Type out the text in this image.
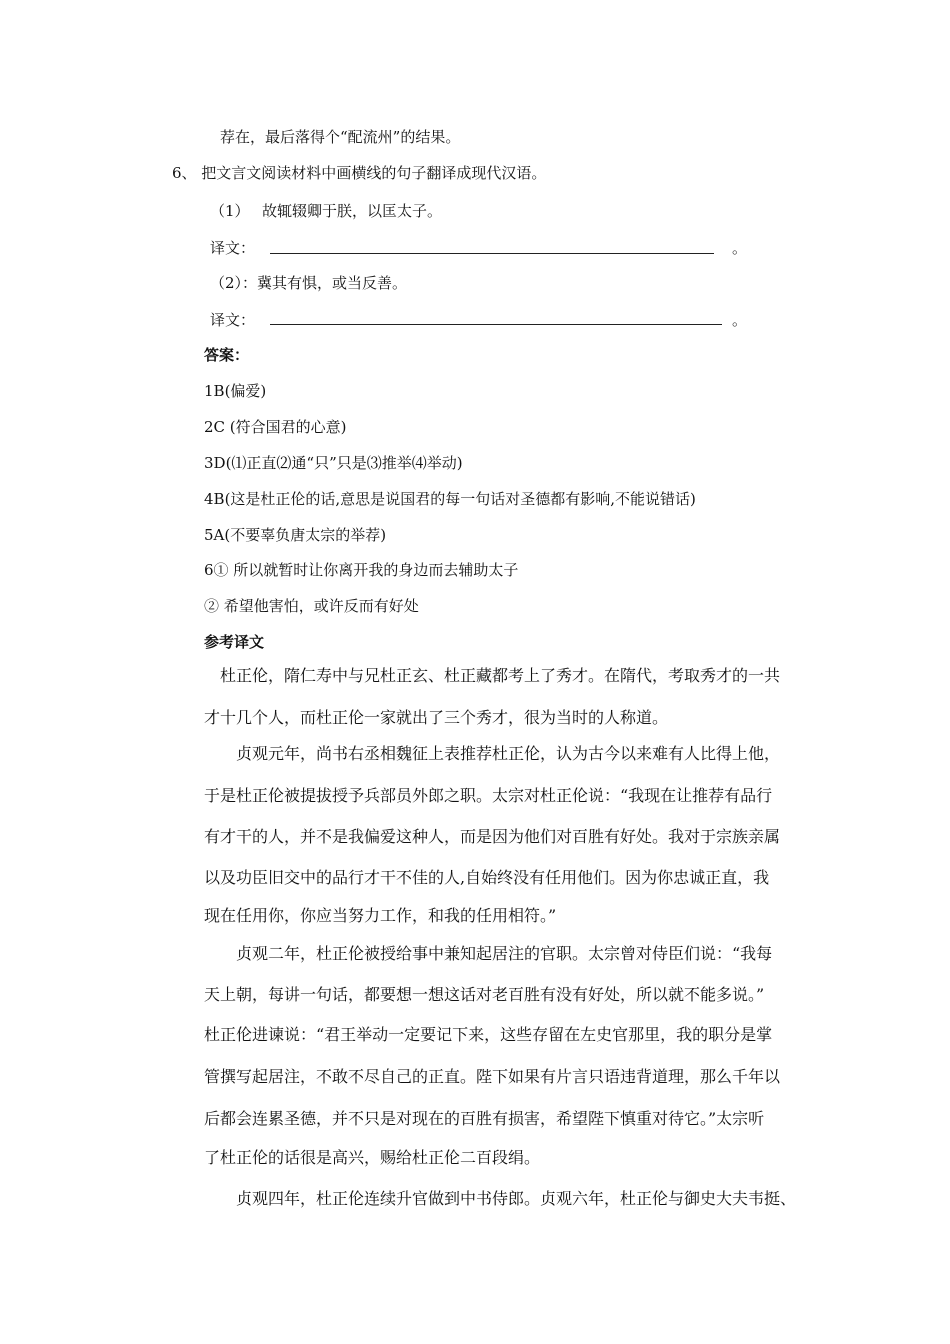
荐在，最后落得个“配流州”的结果。
6、 把文言文阅读材料中画横线的句子翻译成现代汉语。
（1） 故辄辍卿于朕，以匡太子。
译文：	。
（2）：冀其有惧，或当反善。
译文：	。
答案：
1B(偏爱)
2C (符合国君的心意)
3D(⑴正直⑵通“只”只是⑶推举⑷举动)
4B(这是杜正伦的话,意思是说国君的每一句话对圣德都有影响,不能说错话)
5A(不要辜负唐太宗的举荐)
6① 所以就暂时让你离开我的身边而去辅助太子
② 希望他害怕，或许反而有好处
参考译文
杜正伦，隋仁寿中与兄杜正玄、杜正藏都考上了秀才。在隋代，考取秀才的一共
才十几个人，而杜正伦一家就出了三个秀才，很为当时的人称道。
贞观元年，尚书右丞相魏征上表推荐杜正伦，认为古今以来难有人比得上他，
于是杜正伦被提拔授予兵部员外郎之职。太宗对杜正伦说：“我现在让推荐有品行
有才干的人，并不是我偏爱这种人，而是因为他们对百胜有好处。我对于宗族亲属
以及功臣旧交中的品行才干不佳的人,自始终没有任用他们。因为你忠诚正直，我
现在任用你，你应当努力工作，和我的任用相符。”
贞观二年，杜正伦被授给事中兼知起居注的官职。太宗曾对侍臣们说：“我每
天上朝，每讲一句话，都要想一想这话对老百胜有没有好处，所以就不能多说。”
杜正伦进谏说：“君王举动一定要记下来，这些存留在左史官那里，我的职分是掌
管撰写起居注，不敢不尽自己的正直。陛下如果有片言只语违背道理，那么千年以
后都会连累圣德，并不只是对现在的百胜有损害，希望陛下慎重对待它。”太宗听
了杜正伦的话很是高兴，赐给杜正伦二百段绢。
贞观四年，杜正伦连续升官做到中书侍郎。贞观六年，杜正伦与御史大夫韦挺、
